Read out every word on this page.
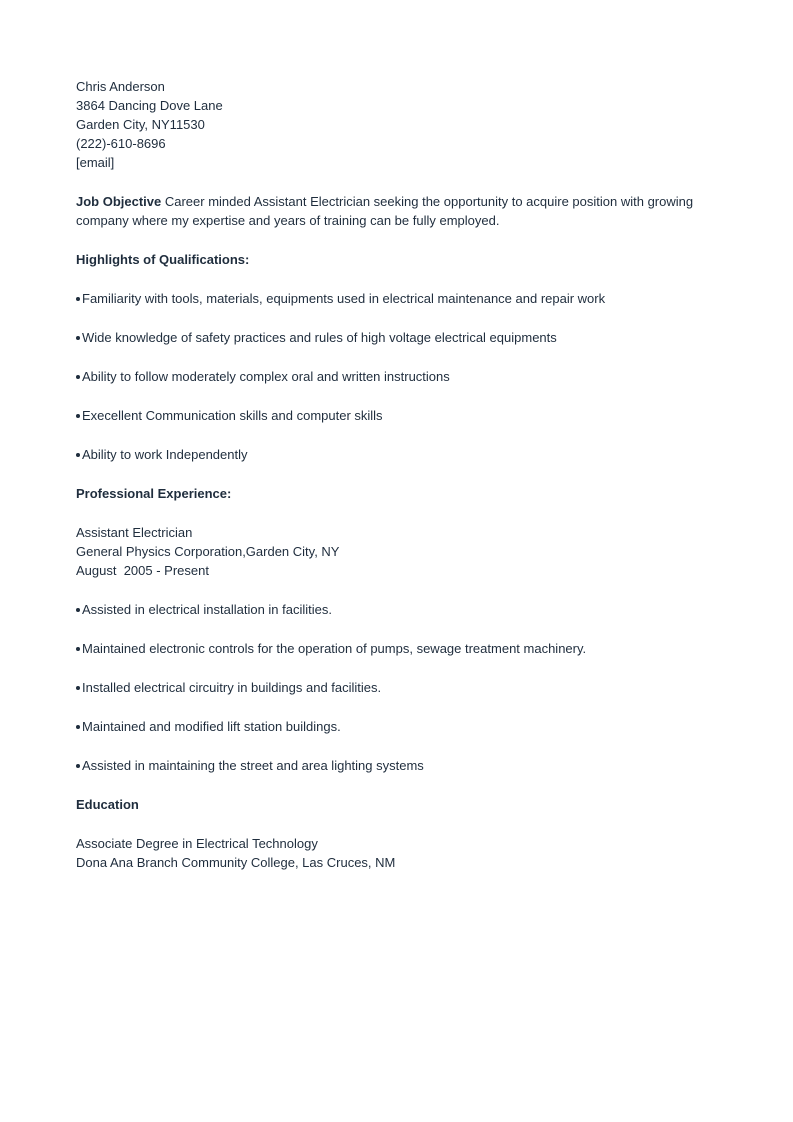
Chris Anderson
3864 Dancing Dove Lane
Garden City, NY11530
(222)-610-8696
[email]
Job Objective Career minded Assistant Electrician seeking the opportunity to acquire position with growing
company where my expertise and years of training can be fully employed.
Highlights of Qualifications:
Familiarity with tools, materials, equipments used in electrical maintenance and repair work
Wide knowledge of safety practices and rules of high voltage electrical equipments
Ability to follow moderately complex oral and written instructions
Execellent Communication skills and computer skills
Ability to work Independently
Professional Experience:
Assistant Electrician
General Physics Corporation,Garden City, NY
August  2005 - Present
Assisted in electrical installation in facilities.
Maintained electronic controls for the operation of pumps, sewage treatment machinery.
Installed electrical circuitry in buildings and facilities.
Maintained and modified lift station buildings.
Assisted in maintaining the street and area lighting systems
Education
Associate Degree in Electrical Technology
Dona Ana Branch Community College, Las Cruces, NM
